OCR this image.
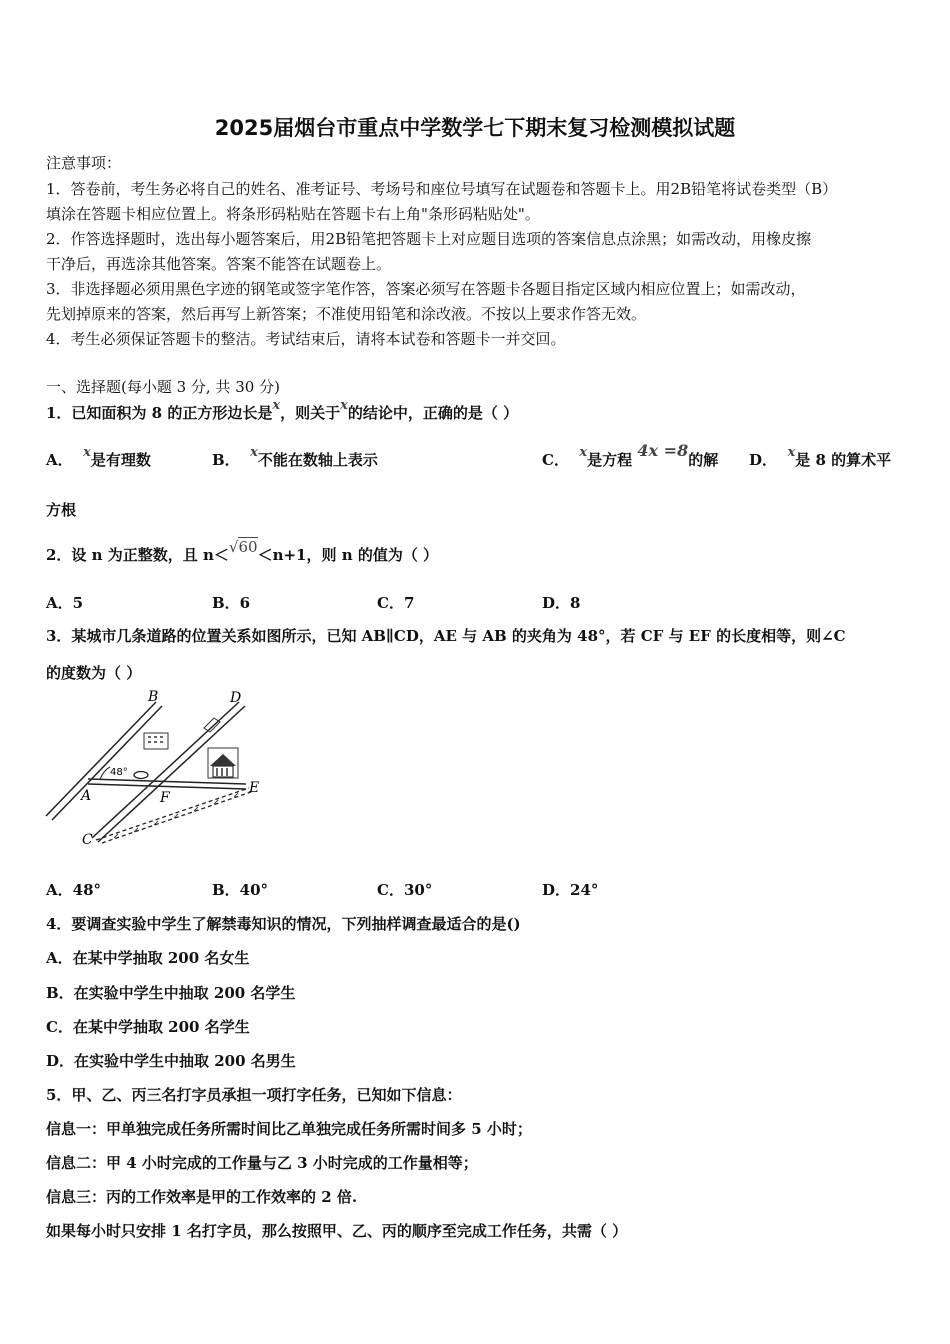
2025届烟台市重点中学数学七下期末复习检测模拟试题
注意事项：
1．答卷前，考生务必将自己的姓名、准考证号、考场号和座位号填写在试题卷和答题卡上。用2B铅笔将试卷类型（B）
填涂在答题卡相应位置上。将条形码粘贴在答题卡右上角"条形码粘贴处"。
2．作答选择题时，选出每小题答案后，用2B铅笔把答题卡上对应题目选项的答案信息点涂黑；如需改动，用橡皮擦
干净后，再选涂其他答案。答案不能答在试题卷上。
3．非选择题必须用黑色字迹的钢笔或签字笔作答，答案必须写在答题卡各题目指定区域内相应位置上；如需改动，
先划掉原来的答案，然后再写上新答案；不准使用铅笔和涂改液。不按以上要求作答无效。
4．考生必须保证答题卡的整洁。考试结束后，请将本试卷和答题卡一并交回。
一、选择题(每小题 3 分, 共 30 分)
1．已知面积为 8 的正方形边长是x，则关于x的结论中，正确的是（ ）
A． x是有理数	B． x不能在数轴上表示	C． x是方程 4x =8的解 D． x是 8 的算术平
方根
2．设 n 为正整数，且 n＜√60＜n+1，则 n 的值为（ ）
A．5	B．6	C．7	D．8
3．某城市几条道路的位置关系如图所示，已知 AB∥CD，AE 与 AB 的夹角为 48°，若 CF 与 EF 的长度相等，则∠C
的度数为（ ）
B	D
A	E
F
C
48°
A．48°	B．40°	C．30°	D．24°
4．要调查实验中学生了解禁毒知识的情况，下列抽样调查最适合的是()
A．在某中学抽取 200 名女生
B．在实验中学生中抽取 200 名学生
C．在某中学抽取 200 名学生
D．在实验中学生中抽取 200 名男生
5．甲、乙、丙三名打字员承担一项打字任务，已知如下信息：
信息一：甲单独完成任务所需时间比乙单独完成任务所需时间多 5 小时；
信息二：甲 4 小时完成的工作量与乙 3 小时完成的工作量相等；
信息三：丙的工作效率是甲的工作效率的 2 倍.
如果每小时只安排 1 名打字员，那么按照甲、乙、丙的顺序至完成工作任务，共需（ ）
